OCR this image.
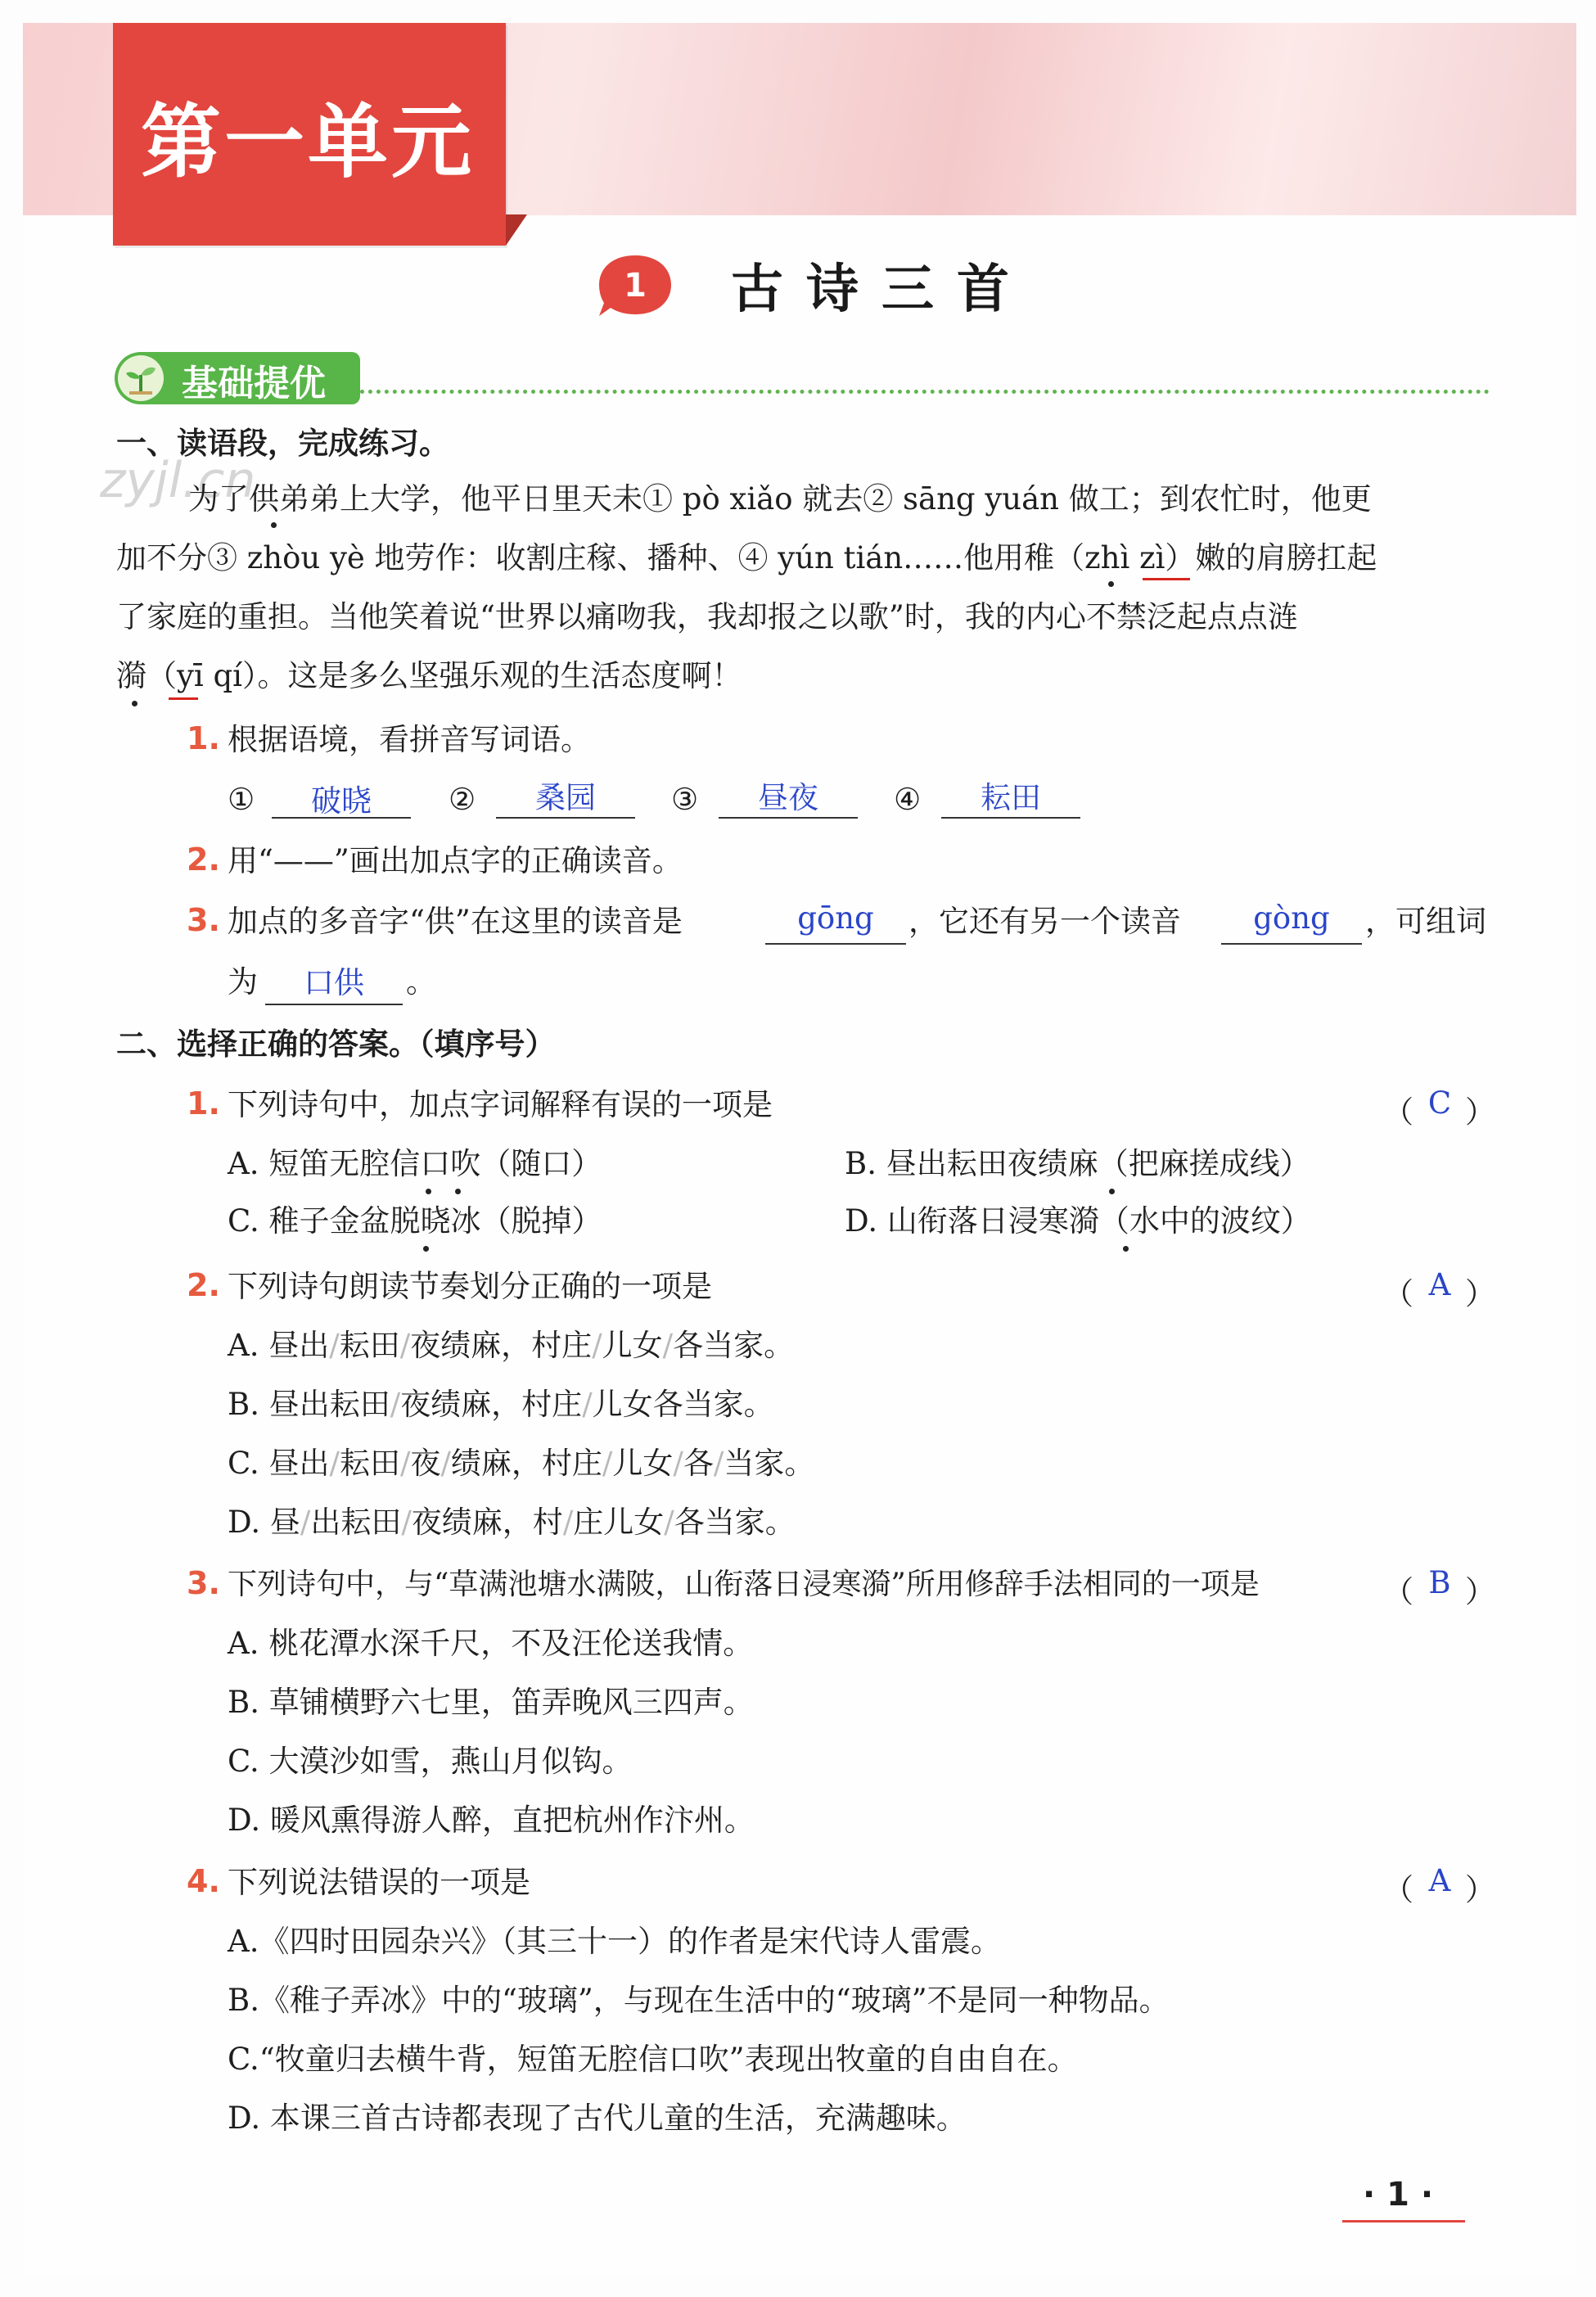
第一单元
1 古诗三首
基础提优
zyjl.cn
一、读语段，完成练习。
为了供弟弟上大学，他平日里天未① pò xiǎo 就去② sāng yuán 做工；到农忙时，他更
加不分③ zhòu yè 地劳作：收割庄稼、播种、④ yún tián……他用稚（zhì zì）嫩的肩膀扛起
了家庭的重担。当他笑着说“世界以痛吻我，我却报之以歌”时，我的内心不禁泛起点点涟
漪（yī qí）。这是多么坚强乐观的生活态度啊！
1. 根据语境，看拼音写词语。
①	破晓	②	桑园	③	昼夜	④	耘田
2. 用“——”画出加点字的正确读音。
3. 加点的多音字“供”在这里的读音是	gōng	，它还有另一个读音	gòng	，可组词
为	口供	。
二、选择正确的答案。（填序号）
1. 下列诗句中，加点字词解释有误的一项是	（ C ）
A. 短笛无腔信口吹（随口）	B. 昼出耘田夜绩麻（把麻搓成线）
C. 稚子金盆脱晓冰（脱掉）	D. 山衔落日浸寒漪（水中的波纹）
2. 下列诗句朗读节奏划分正确的一项是	（ A ）
A. 昼出/耘田/夜绩麻，村庄/儿女/各当家。
B. 昼出耘田/夜绩麻，村庄/儿女各当家。
C. 昼出/耘田/夜/绩麻，村庄/儿女/各/当家。
D. 昼/出耘田/夜绩麻，村/庄儿女/各当家。
3. 下列诗句中，与“草满池塘水满陂，山衔落日浸寒漪”所用修辞手法相同的一项是	（ B ）
A. 桃花潭水深千尺，不及汪伦送我情。
B. 草铺横野六七里，笛弄晚风三四声。
C. 大漠沙如雪，燕山月似钩。
D. 暖风熏得游人醉，直把杭州作汴州。
4. 下列说法错误的一项是	（ A ）
A.《四时田园杂兴》（其三十一）的作者是宋代诗人雷震。
B.《稚子弄冰》中的“玻璃”，与现在生活中的“玻璃”不是同一种物品。
C.“牧童归去横牛背，短笛无腔信口吹”表现出牧童的自由自在。
D. 本课三首古诗都表现了古代儿童的生活，充满趣味。
· 1 ·
